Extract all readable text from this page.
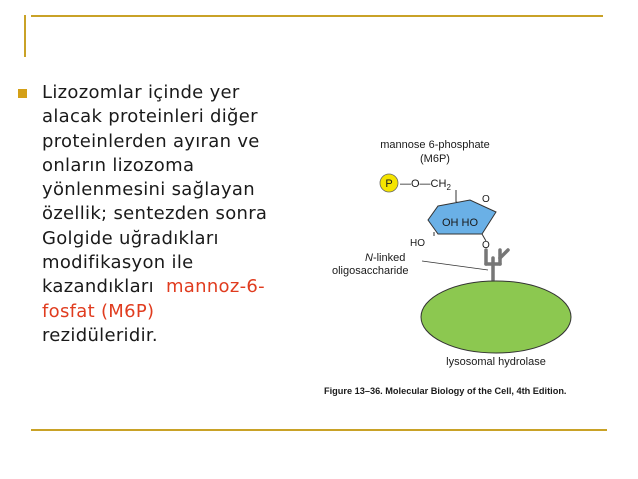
Lizozomlar içinde yer
alacak proteinleri diğer
proteinlerden ayıran ve
onların lizozoma
yönlenmesini sağlayan
özellik; sentezden sonra
Golgide uğradıkları
modifikasyon ile
kazandıkları  mannoz-6-
fosfat (M6P)
rezidüleridir.
mannose 6-phosphate
(M6P)
P $—O—CH_2$
O
OH HO
HO	O
N-linked
oligosaccharide
lysosomal hydrolase
Figure 13–36. Molecular Biology of the Cell, 4th Edition.
